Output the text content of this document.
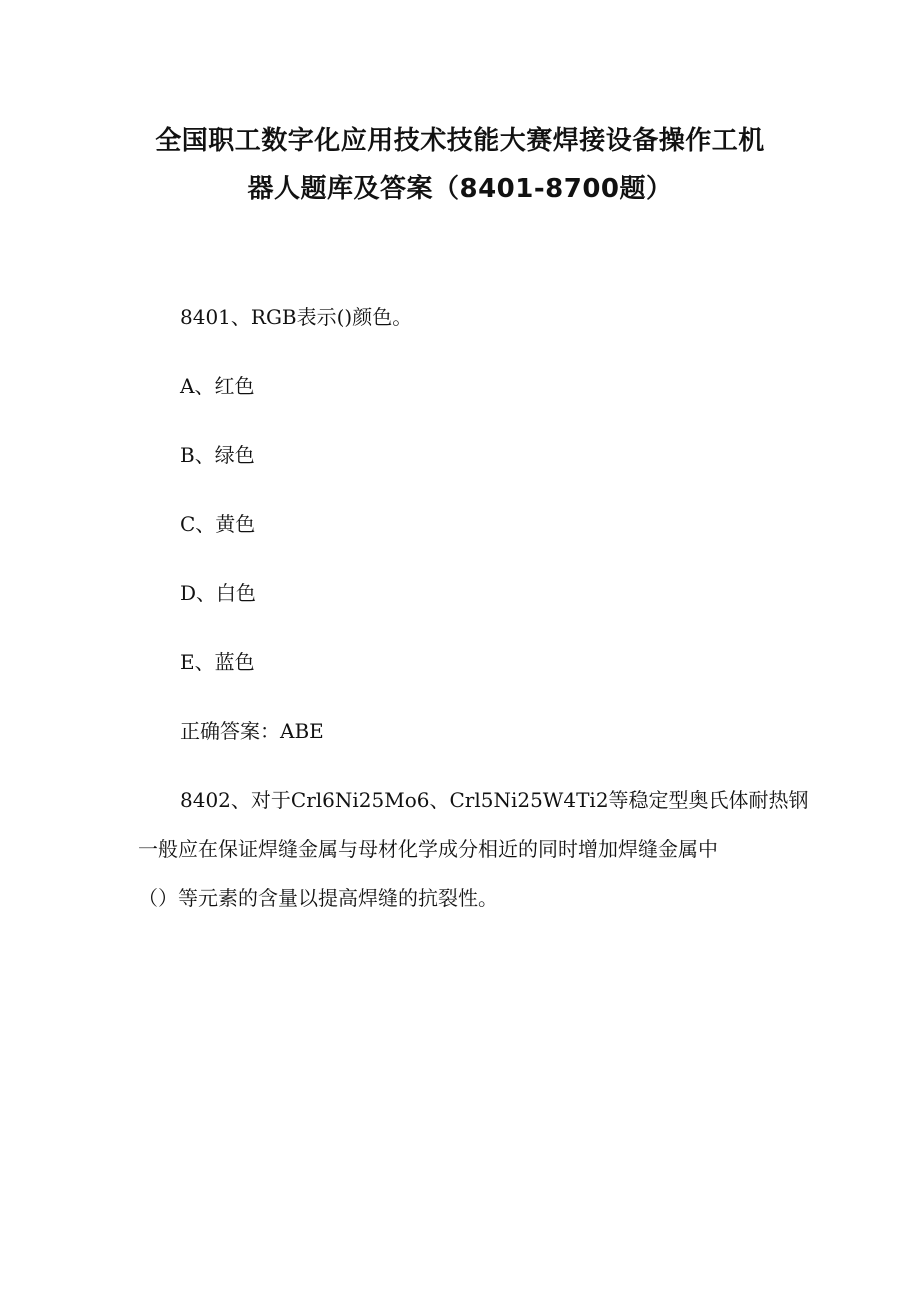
全国职工数字化应用技术技能大赛焊接设备操作工机
器人题库及答案（8401-8700题）
8401、RGB表示()颜色。
A、红色
B、绿色
C、黄色
D、白色
E、蓝色
正确答案：ABE
8402、对于Crl6Ni25Mo6、Crl5Ni25W4Ti2等稳定型奥氏体耐热钢
一般应在保证焊缝金属与母材化学成分相近的同时增加焊缝金属中
（）等元素的含量以提高焊缝的抗裂性。
